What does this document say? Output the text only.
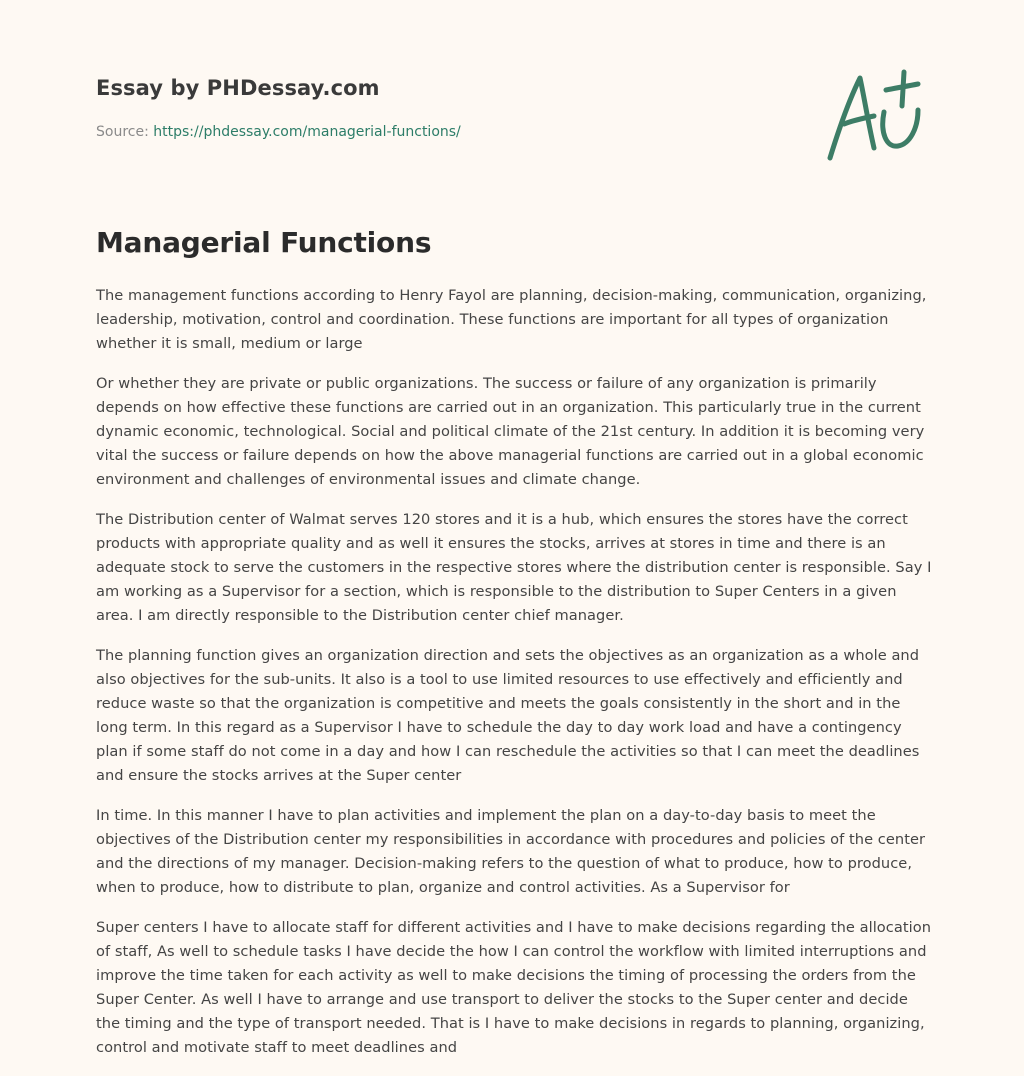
Essay by PHDessay.com
Source: https://phdessay.com/managerial-functions/
Managerial Functions

The management functions according to Henry Fayol are planning, decision-making, communication, organizing, leadership, motivation, control and coordination. These functions are important for all types of organization whether it is small, medium or large

Or whether they are private or public organizations. The success or failure of any organization is primarily depends on how effective these functions are carried out in an organization. This particularly true in the current dynamic economic, technological. Social and political climate of the 21st century. In addition it is becoming very vital the success or failure depends on how the above managerial functions are carried out in a global economic environment and challenges of environmental issues and climate change.

The Distribution center of Walmat serves 120 stores and it is a hub, which ensures the stores have the correct products with appropriate quality and as well it ensures the stocks, arrives at stores in time and there is an adequate stock to serve the customers in the respective stores where the distribution center is responsible. Say I am working as a Supervisor for a section, which is responsible to the distribution to Super Centers in a given area. I am directly responsible to the Distribution center chief manager.

The planning function gives an organization direction and sets the objectives as an organization as a whole and also objectives for the sub-units. It also is a tool to use limited resources to use effectively and efficiently and reduce waste so that the organization is competitive and meets the goals consistently in the short and in the long term. In this regard as a Supervisor I have to schedule the day to day work load and have a contingency plan if some staff do not come in a day and how I can reschedule the activities so that I can meet the deadlines and ensure the stocks arrives at the Super center

In time. In this manner I have to plan activities and implement the plan on a day-to-day basis to meet the objectives of the Distribution center my responsibilities in accordance with procedures and policies of the center and the directions of my manager. Decision-making refers to the question of what to produce, how to produce, when to produce, how to distribute to plan, organize and control activities. As a Supervisor for

Super centers I have to allocate staff for different activities and I have to make decisions regarding the allocation of staff, As well to schedule tasks I have decide the how I can control the workflow with limited interruptions and improve the time taken for each activity as well to make decisions the timing of processing the orders from the Super Center. As well I have to arrange and use transport to deliver the stocks to the Super center and decide the timing and the type of transport needed. That is I have to make decisions in regards to planning, organizing, control and motivate staff to meet deadlines and
